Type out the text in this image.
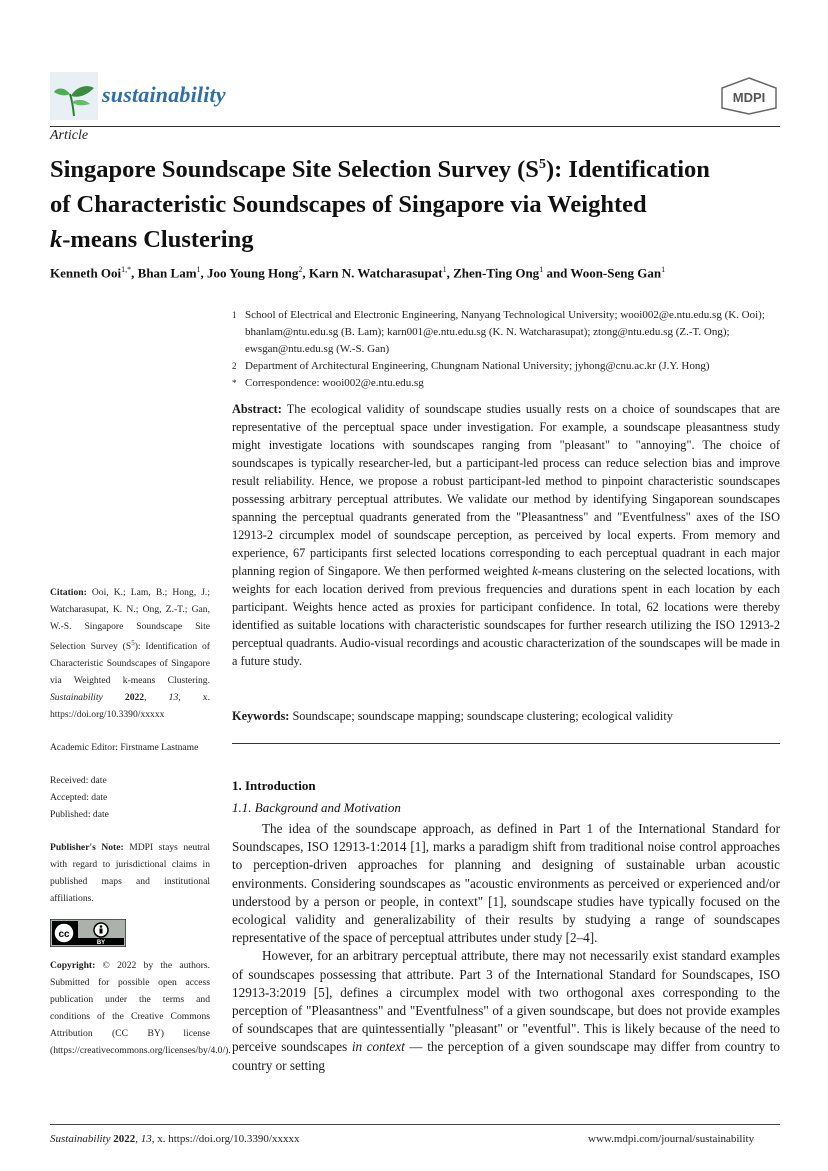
sustainability	MDPI
Article
Singapore Soundscape Site Selection Survey $(S^5)$: Identification
of Characteristic Soundscapes of Singapore via Weighted
k-means Clustering
Kenneth Ooi$^{1,*}$, Bhan Lam$^1$, Joo Young Hong$^2$, Karn N. Watcharasupat$^1$, Zhen-Ting Ong$^1$ and Woon-Seng Gan$^1$
1 School of Electrical and Electronic Engineering, Nanyang Technological University; wooi002@e.ntu.edu.sg (K. Ooi); bhanlam@ntu.edu.sg (B. Lam); karn001@e.ntu.edu.sg (K. N. Watcharasupat); ztong@ntu.edu.sg (Z.-T. Ong); ewsgan@ntu.edu.sg (W.-S. Gan)
2 Department of Architectural Engineering, Chungnam National University; jyhong@cnu.ac.kr (J.Y. Hong)
* Correspondence: wooi002@e.ntu.edu.sg
Abstract: The ecological validity of soundscape studies usually rests on a choice of soundscapes that are representative of the perceptual space under investigation. For example, a soundscape pleasantness study might investigate locations with soundscapes ranging from "pleasant" to "annoying". The choice of soundscapes is typically researcher-led, but a participant-led process can reduce selection bias and improve result reliability. Hence, we propose a robust participant-led method to pinpoint characteristic soundscapes possessing arbitrary perceptual attributes. We validate our method by identifying Singaporean soundscapes spanning the perceptual quadrants generated from the "Pleasantness" and "Eventfulness" axes of the ISO 12913-2 circumplex model of soundscape perception, as perceived by local experts. From memory and experience, 67 participants first selected locations corresponding to each perceptual quadrant in each major planning region of Singapore. We then performed weighted k-means clustering on the selected locations, with weights for each location derived from previous frequencies and durations spent in each location by each participant. Weights hence acted as proxies for participant confidence. In total, 62 locations were thereby identified as suitable locations with characteristic soundscapes for further research utilizing the ISO 12913-2 perceptual quadrants. Audio-visual recordings and acoustic characterization of the soundscapes will be made in a future study.
Keywords: Soundscape; soundscape mapping; soundscape clustering; ecological validity
1. Introduction
1.1. Background and Motivation

The idea of the soundscape approach, as defined in Part 1 of the International Standard for Soundscapes, ISO 12913-1:2014 [1], marks a paradigm shift from traditional noise control approaches to perception-driven approaches for planning and designing of sustainable urban acoustic environments. Considering soundscapes as "acoustic environments as perceived or experienced and/or understood by a person or people, in context" [1], soundscape studies have typically focused on the ecological validity and generalizability of their results by studying a range of soundscapes representative of the space of perceptual attributes under study [2–4].

However, for an arbitrary perceptual attribute, there may not necessarily exist standard examples of soundscapes possessing that attribute. Part 3 of the International Standard for Soundscapes, ISO 12913-3:2019 [5], defines a circumplex model with two orthogonal axes corresponding to the perception of "Pleasantness" and "Eventfulness" of a given soundscape, but does not provide examples of soundscapes that are quintessentially "pleasant" or "eventful". This is likely because of the need to perceive soundscapes in context — the perception of a given soundscape may differ from country to country or setting

Citation: Ooi, K.; Lam, B.; Hong, J.; Watcharasupat, K. N.; Ong, Z.-T.; Gan, W.-S. Singapore Soundscape Site Selection Survey $(S^5)$: Identification of Characteristic Soundscapes of Singapore via Weighted k-means Clustering. Sustainability 2022, 13, x. https://doi.org/10.3390/xxxxx
Academic Editor: Firstname Lastname
Received: date
Accepted: date
Published: date
Publisher's Note: MDPI stays neutral with regard to jurisdictional claims in published maps and institutional affiliations.
cc
BY
Copyright: © 2022 by the authors. Submitted for possible open access publication under the terms and conditions of the Creative Commons Attribution (CC BY) license (https://creativecommons.org/licenses/by/4.0/).
Sustainability 2022, 13, x. https://doi.org/10.3390/xxxxx	www.mdpi.com/journal/sustainability
